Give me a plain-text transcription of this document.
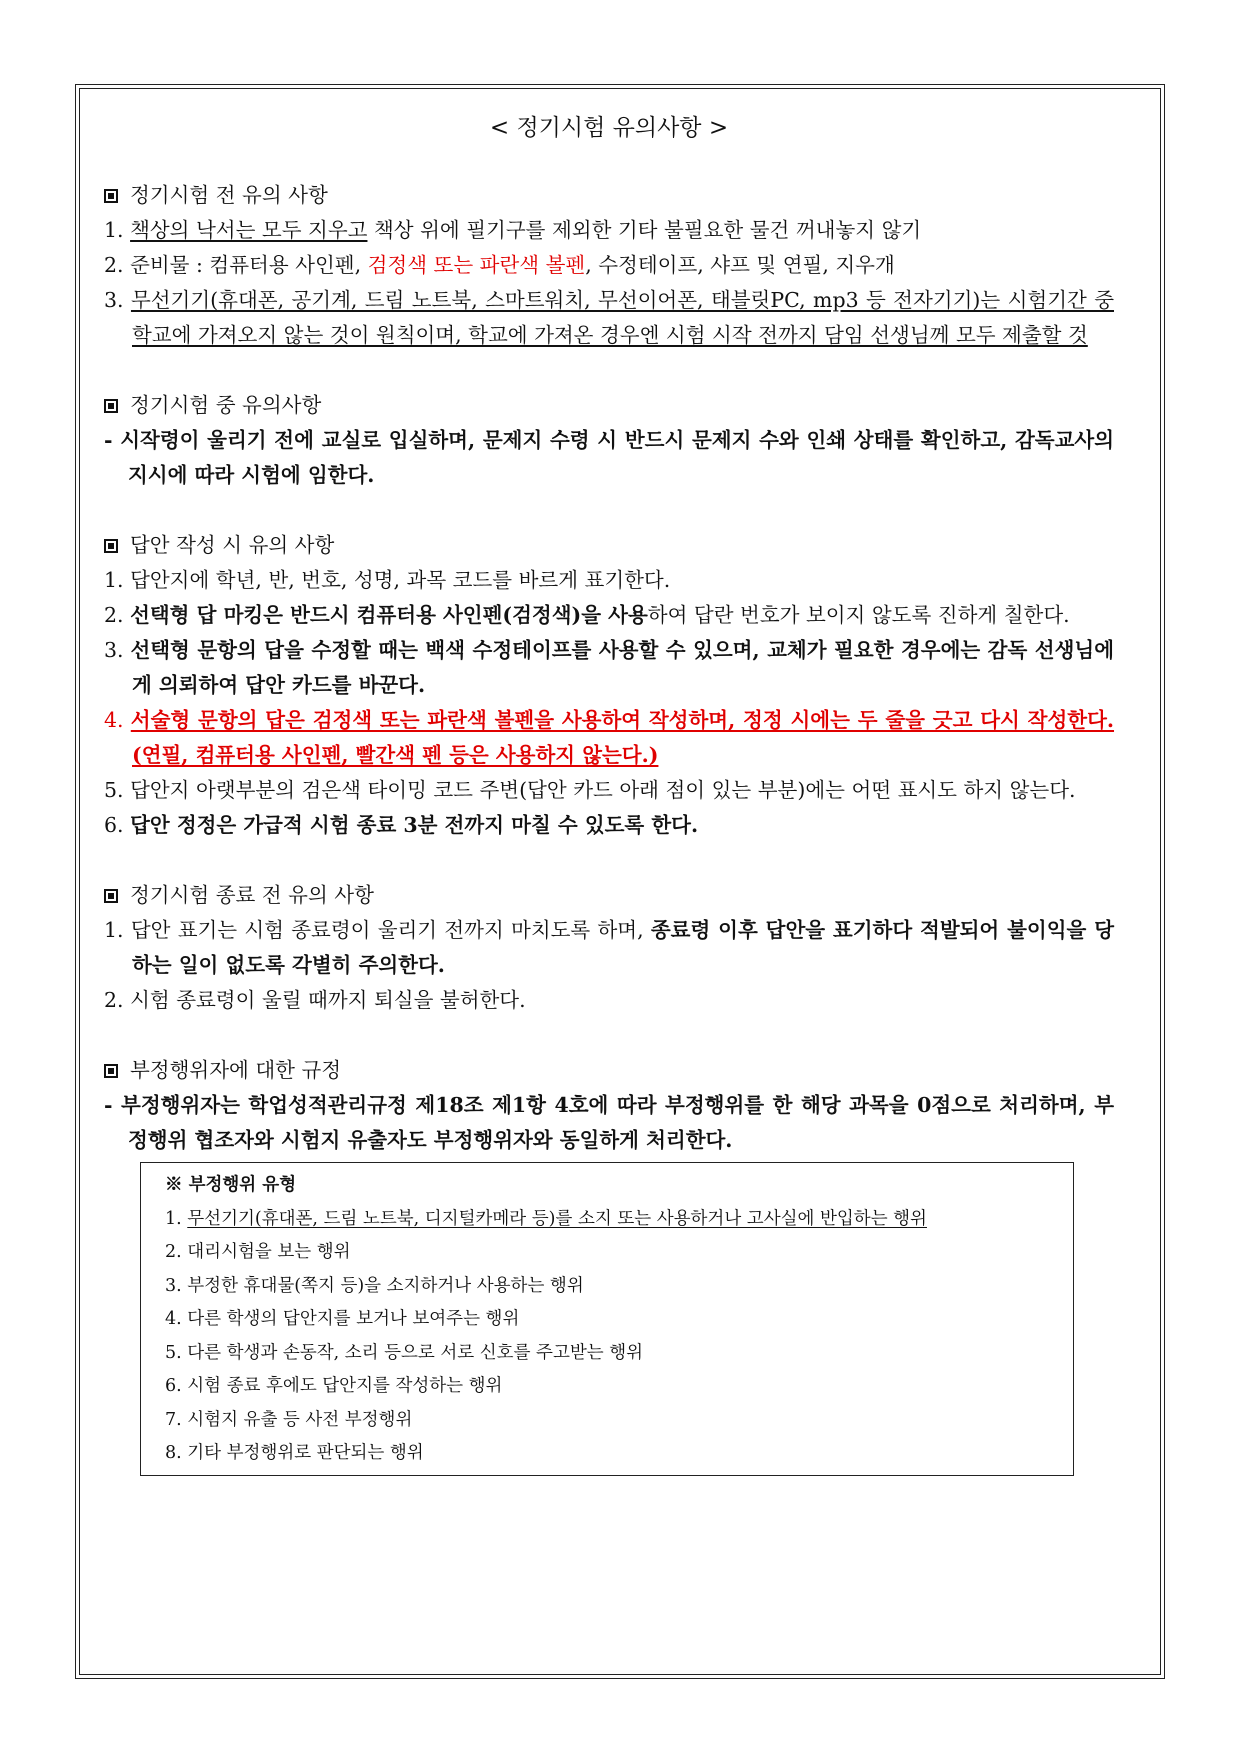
< 정기시험 유의사항 >
정기시험 전 유의 사항
1. 책상의 낙서는 모두 지우고 책상 위에 필기구를 제외한 기타 불필요한 물건 꺼내놓지 않기
2. 준비물 : 컴퓨터용 사인펜, 검정색 또는 파란색 볼펜, 수정테이프, 샤프 및 연필, 지우개
3. 무선기기(휴대폰, 공기계, 드림 노트북, 스마트워치, 무선이어폰, 태블릿PC, mp3 등 전자기기)는 시험기간 중 학교에 가져오지 않는 것이 원칙이며, 학교에 가져온 경우엔 시험 시작 전까지 담임 선생님께 모두 제출할 것
정기시험 중 유의사항
- 시작령이 울리기 전에 교실로 입실하며, 문제지 수령 시 반드시 문제지 수와 인쇄 상태를 확인하고, 감독교사의 지시에 따라 시험에 임한다.
답안 작성 시 유의 사항
1. 답안지에 학년, 반, 번호, 성명, 과목 코드를 바르게 표기한다.
2. 선택형 답 마킹은 반드시 컴퓨터용 사인펜(검정색)을 사용하여 답란 번호가 보이지 않도록 진하게 칠한다.
3. 선택형 문항의 답을 수정할 때는 백색 수정테이프를 사용할 수 있으며, 교체가 필요한 경우에는 감독 선생님에게 의뢰하여 답안 카드를 바꾼다.
4. 서술형 문항의 답은 검정색 또는 파란색 볼펜을 사용하여 작성하며, 정정 시에는 두 줄을 긋고 다시 작성한다. (연필, 컴퓨터용 사인펜, 빨간색 펜 등은 사용하지 않는다.)
5. 답안지 아랫부분의 검은색 타이밍 코드 주변(답안 카드 아래 점이 있는 부분)에는 어떤 표시도 하지 않는다.
6. 답안 정정은 가급적 시험 종료 3분 전까지 마칠 수 있도록 한다.
정기시험 종료 전 유의 사항
1. 답안 표기는 시험 종료령이 울리기 전까지 마치도록 하며, 종료령 이후 답안을 표기하다 적발되어 불이익을 당하는 일이 없도록 각별히 주의한다.
2. 시험 종료령이 울릴 때까지 퇴실을 불허한다.
부정행위자에 대한 규정
- 부정행위자는 학업성적관리규정 제18조 제1항 4호에 따라 부정행위를 한 해당 과목을 0점으로 처리하며, 부정행위 협조자와 시험지 유출자도 부정행위자와 동일하게 처리한다.
※ 부정행위 유형
1. 무선기기(휴대폰, 드림 노트북, 디지털카메라 등)를 소지 또는 사용하거나 고사실에 반입하는 행위
2. 대리시험을 보는 행위
3. 부정한 휴대물(쪽지 등)을 소지하거나 사용하는 행위
4. 다른 학생의 답안지를 보거나 보여주는 행위
5. 다른 학생과 손동작, 소리 등으로 서로 신호를 주고받는 행위
6. 시험 종료 후에도 답안지를 작성하는 행위
7. 시험지 유출 등 사전 부정행위
8. 기타 부정행위로 판단되는 행위
